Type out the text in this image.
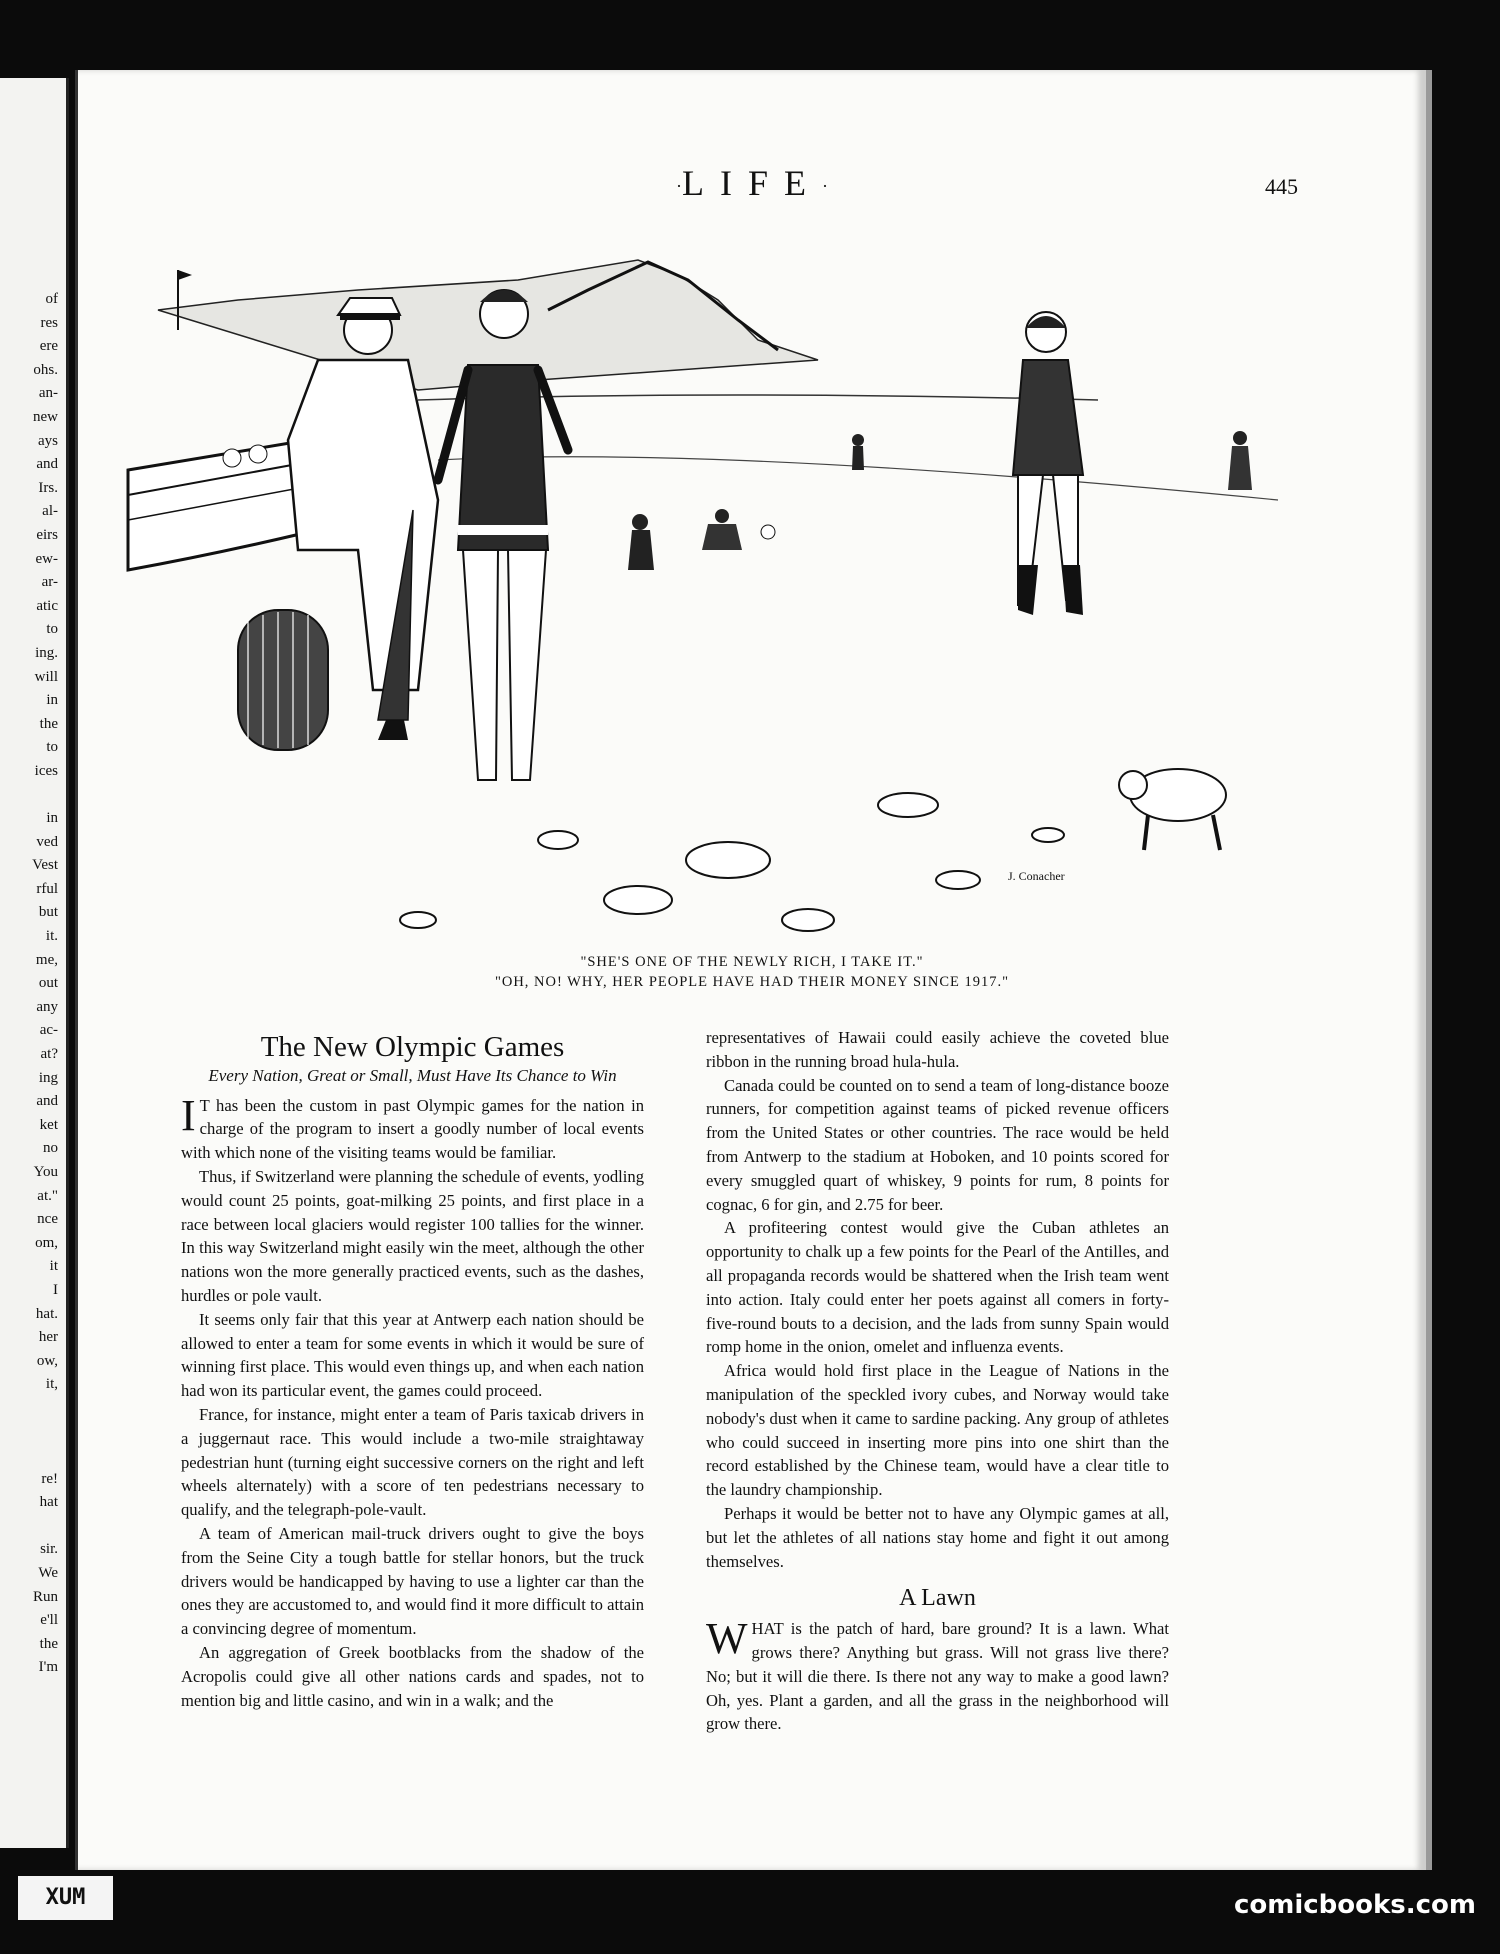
of
res
ere
ohs.
an-
new
ays
and
Irs.
al-
eirs
ew-
ar-
atic
to
ing.
will
in
the
to
ices

in
ved
Vest
rful
but
it.
me,
out
any
ac-
at?
ing
and
ket
no
You
at."
nce
om,
it
I
hat.
her
ow,
it,

re!
hat

sir.
We
Run
e'll
the
I'm
·LIFE·	445
J. Conacher
"SHE'S ONE OF THE NEWLY RICH, I TAKE IT."
"OH, NO! WHY, HER PEOPLE HAVE HAD THEIR MONEY SINCE 1917."
The New Olympic Games
Every Nation, Great or Small, Must Have Its Chance to Win

I T has been the custom in past Olympic games for the nation in charge of the program to insert a goodly number of local events with which none of the visiting teams would be familiar.

Thus, if Switzerland were planning the schedule of events, yodling would count 25 points, goat-milking 25 points, and first place in a race between local glaciers would register 100 tallies for the winner. In this way Switzerland might easily win the meet, although the other nations won the more generally practiced events, such as the dashes, hurdles or pole vault.

It seems only fair that this year at Antwerp each nation should be allowed to enter a team for some events in which it would be sure of winning first place. This would even things up, and when each nation had won its particular event, the games could proceed.

France, for instance, might enter a team of Paris taxicab drivers in a juggernaut race. This would include a two-mile straightaway pedestrian hunt (turning eight successive corners on the right and left wheels alternately) with a score of ten pedestrians necessary to qualify, and the telegraph-pole-vault.

A team of American mail-truck drivers ought to give the boys from the Seine City a tough battle for stellar honors, but the truck drivers would be handicapped by having to use a lighter car than the ones they are accustomed to, and would find it more difficult to attain a convincing degree of momentum.

An aggregation of Greek bootblacks from the shadow of the Acropolis could give all other nations cards and spades, not to mention big and little casino, and win in a walk; and the

representatives of Hawaii could easily achieve the coveted blue ribbon in the running broad hula-hula.

Canada could be counted on to send a team of long-distance booze runners, for competition against teams of picked revenue officers from the United States or other countries. The race would be held from Antwerp to the stadium at Hoboken, and 10 points scored for every smuggled quart of whiskey, 9 points for rum, 8 points for cognac, 6 for gin, and 2.75 for beer.

A profiteering contest would give the Cuban athletes an opportunity to chalk up a few points for the Pearl of the Antilles, and all propaganda records would be shattered when the Irish team went into action. Italy could enter her poets against all comers in forty-five-round bouts to a decision, and the lads from sunny Spain would romp home in the onion, omelet and influenza events.

Africa would hold first place in the League of Nations in the manipulation of the speckled ivory cubes, and Norway would take nobody's dust when it came to sardine packing. Any group of athletes who could succeed in inserting more pins into one shirt than the record established by the Chinese team, would have a clear title to the laundry championship.

Perhaps it would be better not to have any Olympic games at all, but let the athletes of all nations stay home and fight it out among themselves.

A Lawn

WHAT is the patch of hard, bare ground? It is a lawn. What grows there? Anything but grass. Will not grass live there? No; but it will die there. Is there not any way to make a good lawn? Oh, yes. Plant a garden, and all the grass in the neighborhood will grow there.

XUM	comicbooks.com
